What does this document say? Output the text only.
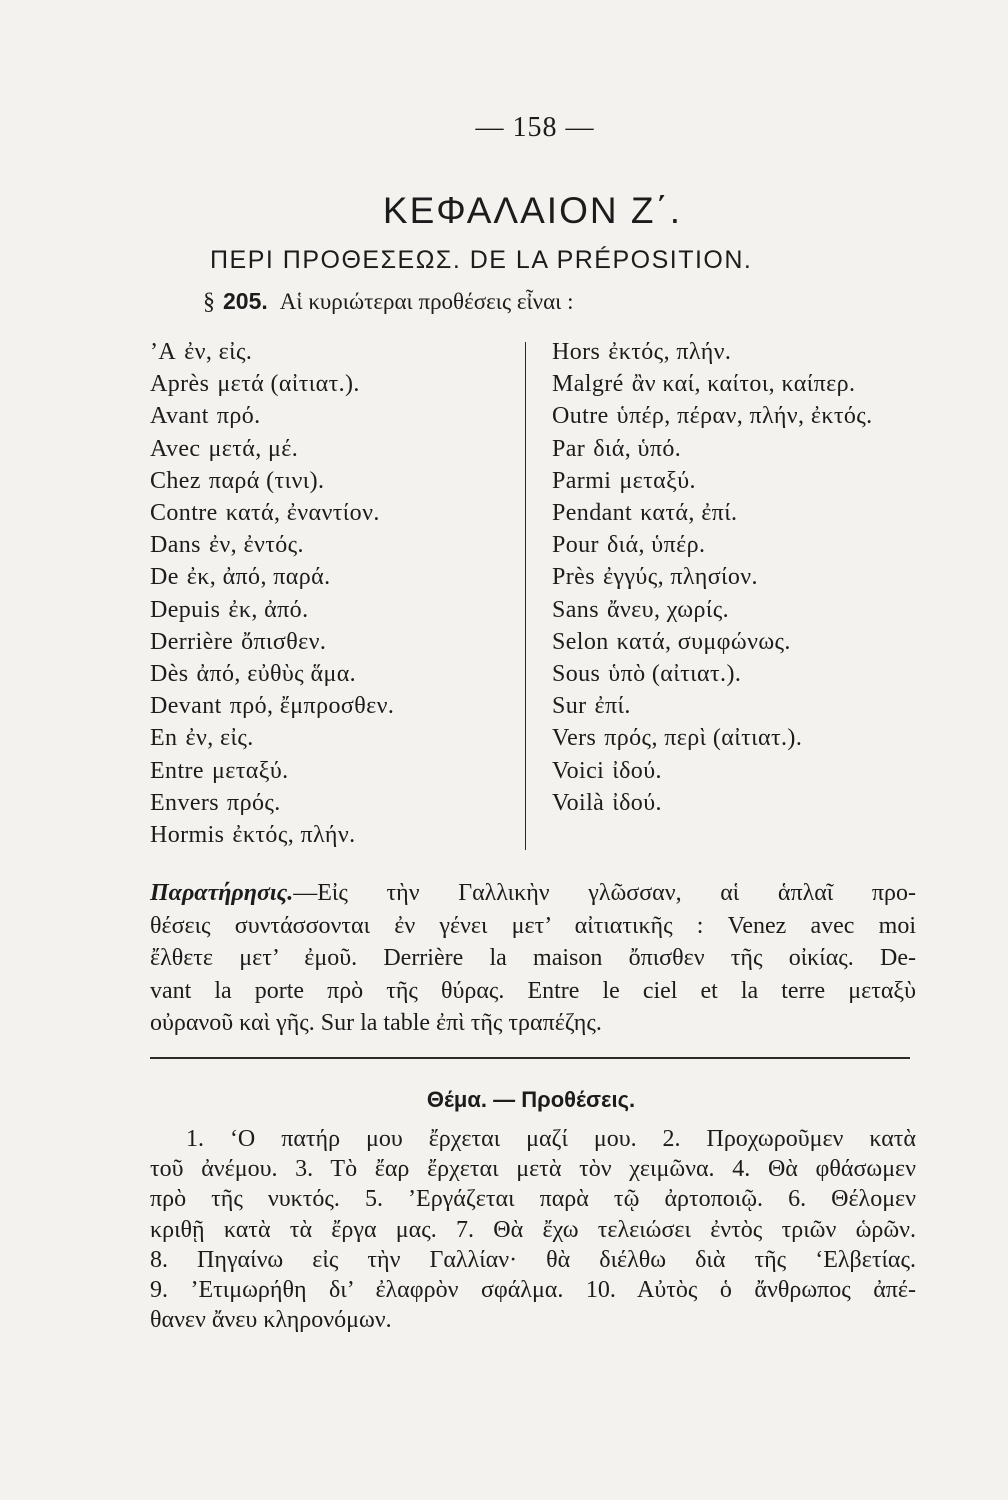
— 158 —
ΚΕΦΑΛΑΙΟΝ Ζ΄.
ΠΕΡΙ ΠΡΟΘΕΣΕΩΣ. DE LA PRÉPOSITION.
§ 205. Αἱ κυριώτεραι προθέσεις εἶναι :
’A ἐν, εἰς.
Après μετά (αἰτιατ.).
Avant πρό.
Avec μετά, μέ.
Chez παρά (τινι).
Contre κατά, ἐναντίον.
Dans ἐν, ἐντός.
De ἐκ, ἀπό, παρά.
Depuis ἐκ, ἀπό.
Derrière ὄπισθεν.
Dès ἀπό, εὐθὺς ἅμα.
Devant πρό, ἔμπροσθεν.
En ἐν, εἰς.
Entre μεταξύ.
Envers πρός.
Hormis ἐκτός, πλήν.
Hors ἐκτός, πλήν.
Malgré ἂν καί, καίτοι, καίπερ.
Outre ὑπέρ, πέραν, πλήν, ἐκτός.
Par διά, ὑπό.
Parmi μεταξύ.
Pendant κατά, ἐπί.
Pour διά, ὑπέρ.
Près ἐγγύς, πλησίον.
Sans ἄνευ, χωρίς.
Selon κατά, συμφώνως.
Sous ὑπὸ (αἰτιατ.).
Sur ἐπί.
Vers πρός, περὶ (αἰτιατ.).
Voici ἰδού.
Voilà ἰδού.
Παρατήρησις.—Εἰς τὴν Γαλλικὴν γλῶσσαν, αἱ ἁπλαῖ προ-
θέσεις συντάσσονται ἐν γένει μετ’ αἰτιατικῆς : Venez avec moi
ἔλθετε μετ’ ἐμοῦ. Derrière la maison ὄπισθεν τῆς οἰκίας. De-
vant la porte πρὸ τῆς θύρας. Entre le ciel et la terre μεταξὺ
οὐρανοῦ καὶ γῆς. Sur la table ἐπὶ τῆς τραπέζης.
Θέμα. — Προθέσεις.
1. ‘Ο πατήρ μου ἔρχεται μαζί μου. 2. Προχωροῦμεν κατὰ
τοῦ ἀνέμου. 3. Τὸ ἔαρ ἔρχεται μετὰ τὸν χειμῶνα. 4. Θὰ φθάσωμεν
πρὸ τῆς νυκτός. 5. ’Εργάζεται παρὰ τῷ ἀρτοποιῷ. 6. Θέλομεν
κριθῇ κατὰ τὰ ἔργα μας. 7. Θὰ ἔχω τελειώσει ἐντὸς τριῶν ὡρῶν.
8. Πηγαίνω εἰς τὴν Γαλλίαν· θὰ διέλθω διὰ τῆς ‘Ελβετίας.
9. ’Ετιμωρήθη δι’ ἐλαφρὸν σφάλμα. 10. Αὐτὸς ὁ ἄνθρωπος ἀπέ-
θανεν ἄνευ κληρονόμων.
